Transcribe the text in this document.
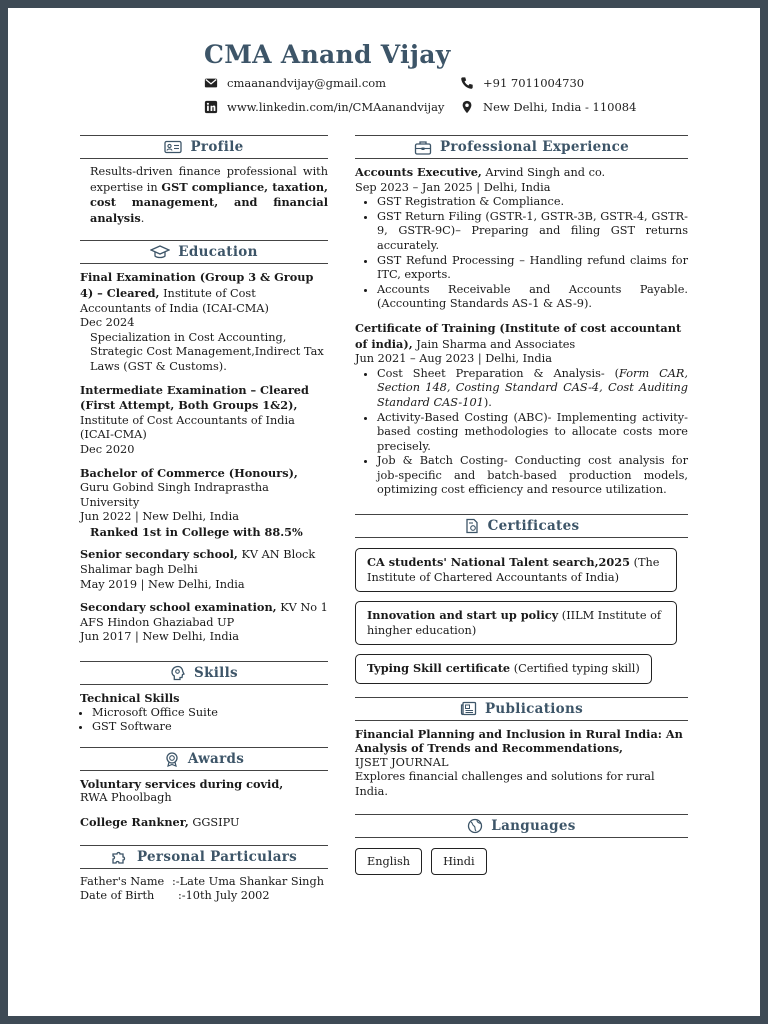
CMA Anand Vijay
cmaanandvijay@gmail.com	+91 7011004730
www.linkedin.com/in/CMAanandvijay	New Delhi, India - 110084
Profile

Results-driven finance professional with expertise in GST compliance, taxation, cost management, and financial analysis.

Education

Final Examination (Group 3 & Group 4) – Cleared, Institute of Cost Accountants of India (ICAI-CMA)

Dec 2024

Specialization in Cost Accounting, Strategic Cost Management,Indirect Tax Laws (GST & Customs).

Intermediate Examination – Cleared (First Attempt, Both Groups 1&2), Institute of Cost Accountants of India (ICAI-CMA)

Dec 2020

Bachelor of Commerce (Honours), Guru Gobind Singh Indraprastha University

Jun 2022 | New Delhi, India

Ranked 1st in College with 88.5%

Senior secondary school, KV AN Block Shalimar bagh Delhi

May 2019 | New Delhi, India

Secondary school examination, KV No 1 AFS Hindon Ghaziabad UP

Jun 2017 | New Delhi, India

Skills

Technical Skills

• Microsoft Office Suite
• GST Software
Awards

Voluntary services during covid,

RWA Phoolbagh

College Rankner, GGSIPU

Personal Particulars
Father's Name :-Late Uma Shankar Singh
Date of Birth	:-10th July 2002
Professional Experience

Accounts Executive, Arvind Singh and co.

Sep 2023 – Jan 2025 | Delhi, India

• GST Registration & Compliance.
• GST Return Filing (GSTR-1, GSTR-3B, GSTR-4, GSTR-9, GSTR-9C)– Preparing and filing GST returns accurately.
• GST Refund Processing – Handling refund claims for ITC, exports.
• Accounts Receivable and Accounts Payable.(Accounting Standards AS-1 & AS-9).

Certificate of Training (Institute of cost accountant of india), Jain Sharma and Associates

Jun 2021 – Aug 2023 | Delhi, India

• Cost Sheet Preparation & Analysis- (Form CAR, Section 148, Costing Standard CAS-4, Cost Auditing Standard CAS-101).
• Activity-Based Costing (ABC)- Implementing activity-based costing methodologies to allocate costs more precisely.
• Job & Batch Costing- Conducting cost analysis for job-specific and batch-based production models, optimizing cost efficiency and resource utilization.
Certificates
CA students' National Talent search,2025 (The Institute of Chartered Accountants of India) Innovation and start up policy (IILM Institute of hingher education) Typing Skill certificate (Certified typing skill)
Publications

Financial Planning and Inclusion in Rural India: An Analysis of Trends and Recommendations,

IJSET JOURNAL

Explores financial challenges and solutions for rural India.

Languages
English	Hindi
